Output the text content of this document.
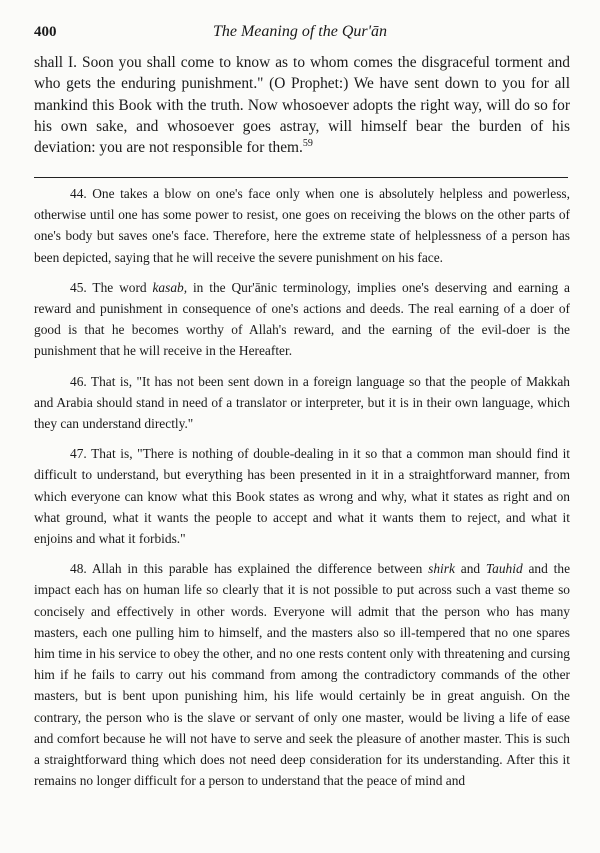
400	The Meaning of the Qur'ān

shall I. Soon you shall come to know as to whom comes the disgraceful torment and who gets the enduring punishment." (O Prophet:) We have sent down to you for all mankind this Book with the truth. Now whosoever adopts the right way, will do so for his own sake, and whosoever goes astray, will himself bear the burden of his deviation: you are not responsible for them.$^{59}$

44. One takes a blow on one's face only when one is absolutely helpless and powerless, otherwise until one has some power to resist, one goes on receiving the blows on the other parts of one's body but saves one's face. Therefore, here the extreme state of helplessness of a person has been depicted, saying that he will receive the severe punishment on his face.

45. The word kasab, in the Qur'ānic terminology, implies one's deserving and earning a reward and punishment in consequence of one's actions and deeds. The real earning of a doer of good is that he becomes worthy of Allah's reward, and the earning of the evil-doer is the punishment that he will receive in the Hereafter.

46. That is, "It has not been sent down in a foreign language so that the people of Makkah and Arabia should stand in need of a translator or interpreter, but it is in their own language, which they can understand directly."

47. That is, "There is nothing of double-dealing in it so that a common man should find it difficult to understand, but everything has been presented in it in a straightforward manner, from which everyone can know what this Book states as wrong and why, what it states as right and on what ground, what it wants the people to accept and what it wants them to reject, and what it enjoins and what it forbids."

48. Allah in this parable has explained the difference between shirk and Tauhid and the impact each has on human life so clearly that it is not possible to put across such a vast theme so concisely and effectively in other words. Everyone will admit that the person who has many masters, each one pulling him to himself, and the masters also so ill-tempered that no one spares him time in his service to obey the other, and no one rests content only with threatening and cursing him if he fails to carry out his command from among the contradictory commands of the other masters, but is bent upon punishing him, his life would certainly be in great anguish. On the contrary, the person who is the slave or servant of only one master, would be living a life of ease and comfort because he will not have to serve and seek the pleasure of another master. This is such a straightforward thing which does not need deep consideration for its understanding. After this it remains no longer difficult for a person to understand that the peace of mind and
